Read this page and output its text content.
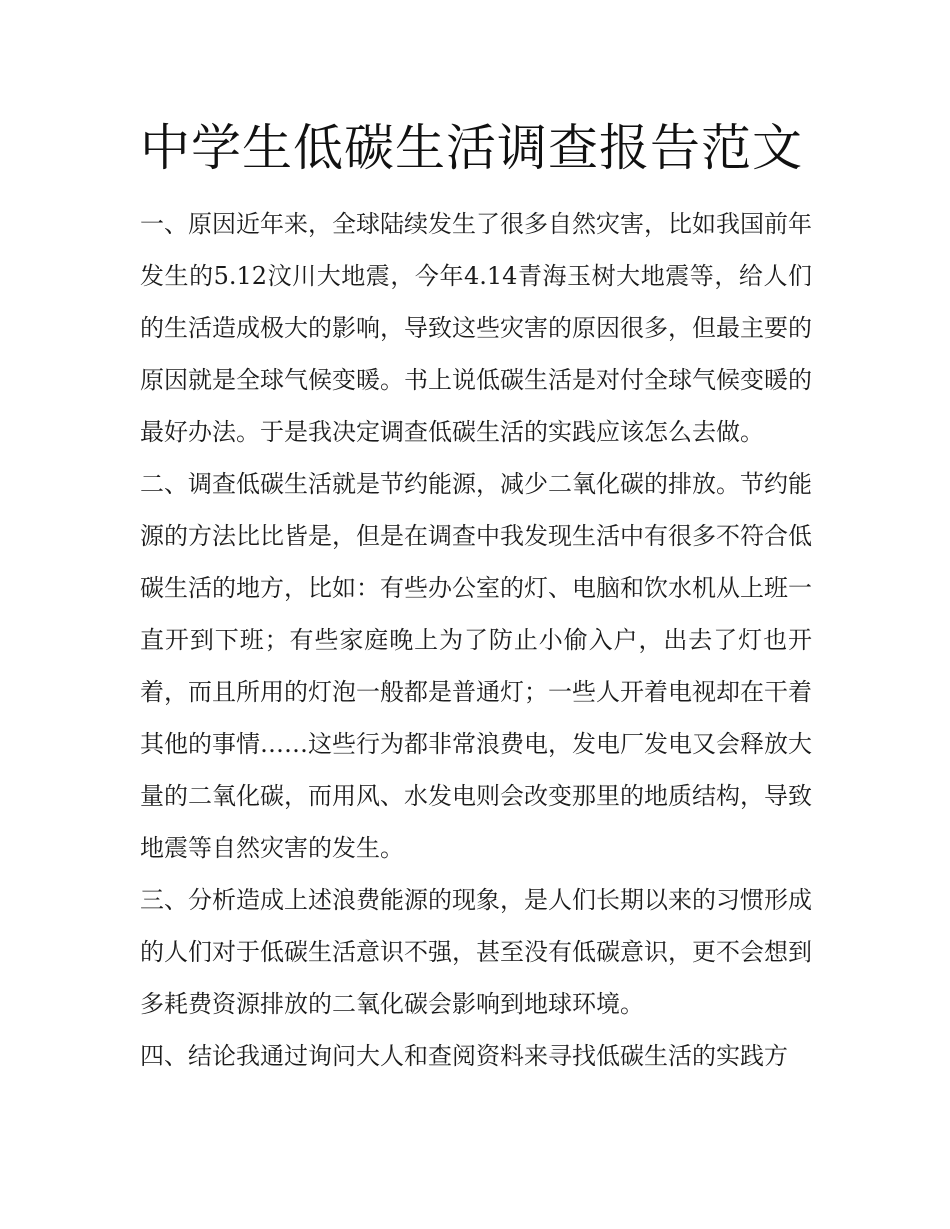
中学生低碳生活调查报告范文

一、原因近年来，全球陆续发生了很多自然灾害，比如我国前年发生的5.12汶川大地震，今年4.14青海玉树大地震等，给人们的生活造成极大的影响，导致这些灾害的原因很多，但最主要的原因就是全球气候变暖。书上说低碳生活是对付全球气候变暖的最好办法。于是我决定调查低碳生活的实践应该怎么去做。

二、调查低碳生活就是节约能源，减少二氧化碳的排放。节约能源的方法比比皆是，但是在调查中我发现生活中有很多不符合低碳生活的地方，比如：有些办公室的灯、电脑和饮水机从上班一直开到下班；有些家庭晚上为了防止小偷入户，出去了灯也开着，而且所用的灯泡一般都是普通灯；一些人开着电视却在干着其他的事情……这些行为都非常浪费电，发电厂发电又会释放大量的二氧化碳，而用风、水发电则会改变那里的地质结构，导致地震等自然灾害的发生。

三、分析造成上述浪费能源的现象，是人们长期以来的习惯形成的人们对于低碳生活意识不强，甚至没有低碳意识，更不会想到多耗费资源排放的二氧化碳会影响到地球环境。

四、结论我通过询问大人和查阅资料来寻找低碳生活的实践方
